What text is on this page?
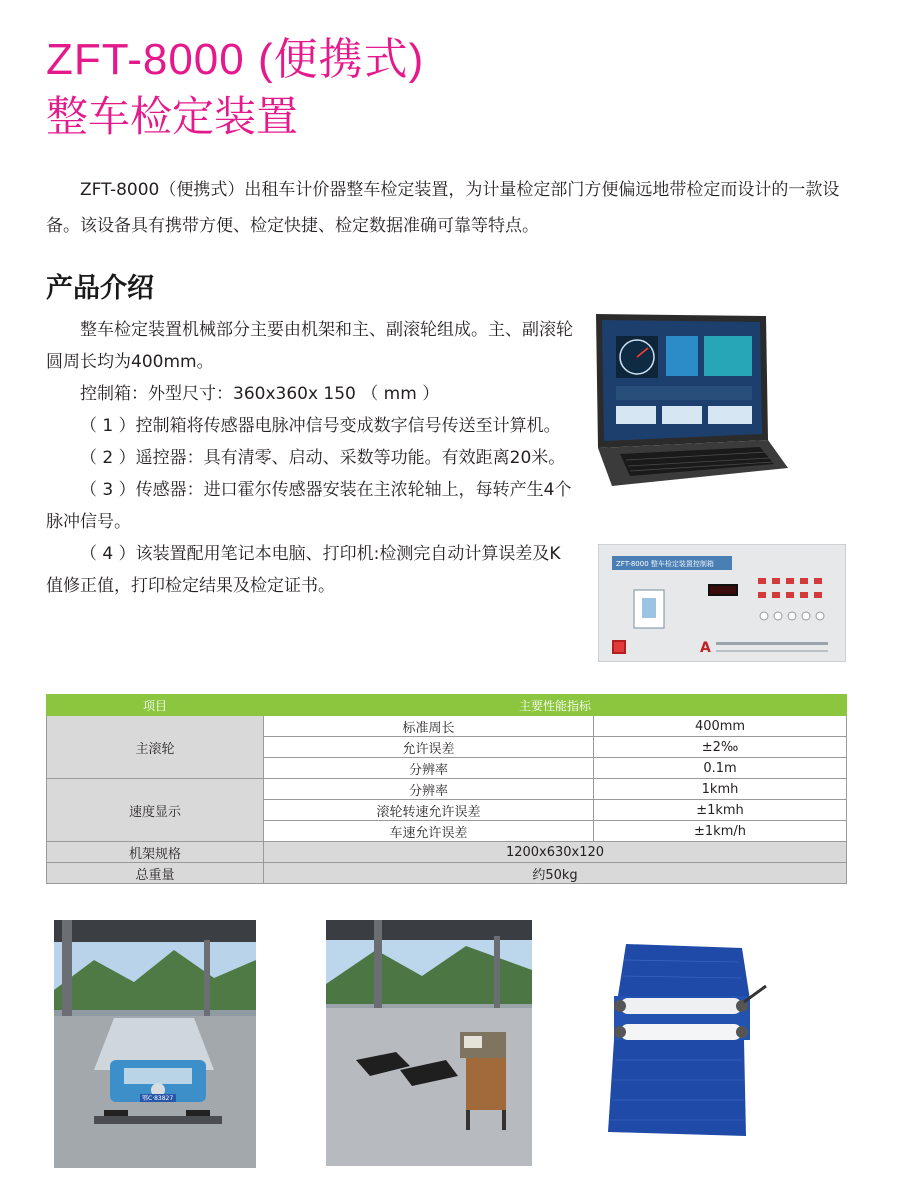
ZFT-8000 (便携式)
整车检定装置
ZFT-8000（便携式）出租车计价器整车检定装置，为计量检定部门方便偏远地带检定而设计的一款设备。该设备具有携带方便、检定快捷、检定数据准确可靠等特点。
产品介绍

整车检定装置机械部分主要由机架和主、副滚轮组成。主、副滚轮圆周长均为400mm。

控制箱：外型尺寸：360x360x 150 （ mm ）

（ 1 ）控制箱将传感器电脉冲信号变成数字信号传送至计算机。

（ 2 ）遥控器：具有清零、启动、采数等功能。有效距离20米。

（ 3 ）传感器：进口霍尔传感器安装在主浓轮轴上，每转产生4个脉冲信号。

（ 4 ）该装置配用笔记本电脑、打印机:检测完自动计算误差及K值修正值，打印检定结果及检定证书。

ZFT-8000 整车检定装置控制箱
A
项目	主要性能指标	
主滚轮	标准周长	400mm
	允许误差	±2‰
	分辨率	0.1m
速度显示	分辨率	1kmh
	滚轮转速允许误差	±1kmh
	车速允许误差	±1km/h
机架规格	1200x630x120	
总重量	约50kg	
鄂C·83827
